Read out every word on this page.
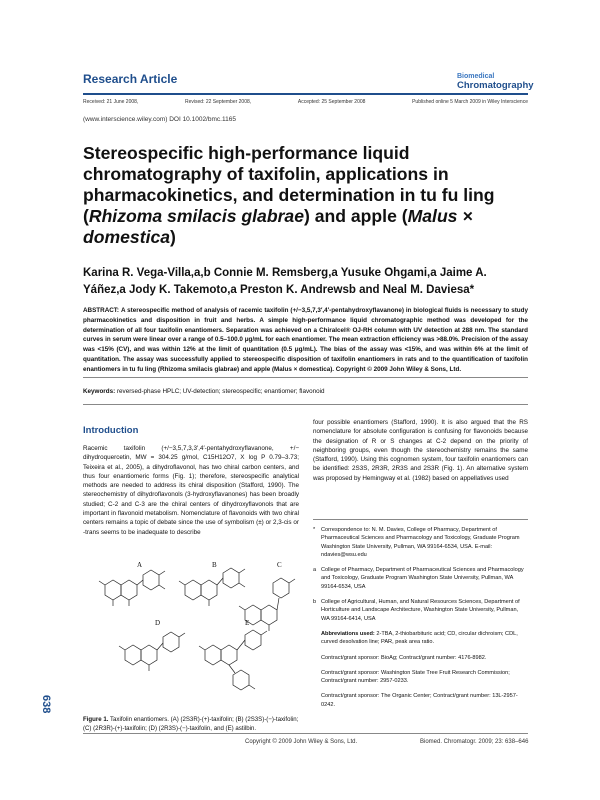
Research Article	Biomedical
Chromatography
Received: 21 June 2008,	Revised: 22 September 2008,	Accepted: 25 September 2008	Published online 5 March 2009 in Wiley Interscience
(www.interscience.wiley.com) DOI 10.1002/bmc.1165
Stereospecific high-performance liquid chromatography of taxifolin, applications in pharmacokinetics, and determination in tu fu ling (Rhizoma smilacis glabrae) and apple (Malus × domestica)
Karina R. Vega-Villa,a,b Connie M. Remsberg,a Yusuke Ohgami,a Jaime A. Yáñez,a Jody K. Takemoto,a Preston K. Andrewsb and Neal M. Daviesa*
ABSTRACT: A stereospecific method of analysis of racemic taxifolin (+/−3,5,7,3′,4′-pentahydroxyflavanone) in biological fluids is necessary to study pharmacokinetics and disposition in fruit and herbs. A simple high-performance liquid chromatographic method was developed for the determination of all four taxifolin enantiomers. Separation was achieved on a Chiralcel® OJ-RH column with UV detection at 288 nm. The standard curves in serum were linear over a range of 0.5–100.0 μg/mL for each enantiomer. The mean extraction efficiency was >88.0%. Precision of the assay was <15% (CV), and was within 12% at the limit of quantitation (0.5 μg/mL). The bias of the assay was <15%, and was within 6% at the limit of quantitation. The assay was successfully applied to stereospecific disposition of taxifolin enantiomers in rats and to the quantification of taxifolin enantiomers in tu fu ling (Rhizoma smilacis glabrae) and apple (Malus × domestica). Copyright © 2009 John Wiley & Sons, Ltd.
Keywords: reversed-phase HPLC; UV-detection; stereospecific; enantiomer; flavonoid
Introduction
Racemic taxifolin (+/−3,5,7,3,3′,4′-pentahydroxyflavanone, +/− dihydroquercetin, MW = 304.25 g/mol, C15H12O7, X log P 0.79–3.73; Teixeira et al., 2005), a dihydroflavonol, has two chiral carbon centers, and thus four enantiomeric forms (Fig. 1); therefore, stereospecific analytical methods are needed to address its chiral disposition (Stafford, 1990). The stereochemistry of dihydroflavonols (3-hydroxyflavanones) has been broadly studied; C-2 and C-3 are the chiral centers of dihydroxyflavonols that are important in flavonoid metabolism. Nomenclature of flavonoids with two chiral centers remains a topic of debate since the use of symbolism (±) or 2,3-cis or -trans seems to be inadequate to describe
four possible enantiomers (Stafford, 1990). It is also argued that the RS nomenclature for absolute configuration is confusing for flavonoids because the designation of R or S changes at C-2 depend on the priority of neighboring groups, even though the stereochemistry remains the same (Stafford, 1990). Using this cognomen system, four taxifolin enantiomers can be identified: 2S3S, 2R3R, 2R3S and 2S3R (Fig. 1). An alternative system was proposed by Hemingway et al. (1982) based on appellatives used
*	Correspondence to: N. M. Davies, College of Pharmacy, Department of Pharmaceutical Sciences and Pharmacology and Toxicology, Graduate Program Washington State University, Pullman, WA 99164-6534, USA. E-mail: ndavies@wsu.edu
a College of Pharmacy, Department of Pharmaceutical Sciences and Pharmacology and Toxicology, Graduate Program Washington State University, Pullman, WA 99164-6534, USA
b College of Agricultural, Human, and Natural Resources Sciences, Department of Horticulture and Landscape Architecture, Washington State University, Pullman, WA 99164-6414, USA

Abbreviations used: 2-TBA, 2-thiobarbituric acid; CD, circular dichroism; CDL, curved desolvation line; PAR, peak area ratio.

Contract/grant sponsor: BioAg; Contract/grant number: 4176-8982.

Contract/grant sponsor: Washington State Tree Fruit Research Commission; Contract/grant number: 2957-0233.

Contract/grant sponsor: The Organic Center; Contract/grant number: 13L-2957-0242.

A	B	C
D	E
Figure 1. Taxifolin enantiomers. (A) (2S3R)-(+)-taxifolin; (B) (2S3S)-(−)-taxifolin; (C) (2R3R)-(+)-taxifolin; (D) (2R3S)-(−)-taxifolin, and (E) astilbin.
638
Copyright © 2009 John Wiley & Sons, Ltd.	Biomed. Chromatogr. 2009; 23: 638–646
